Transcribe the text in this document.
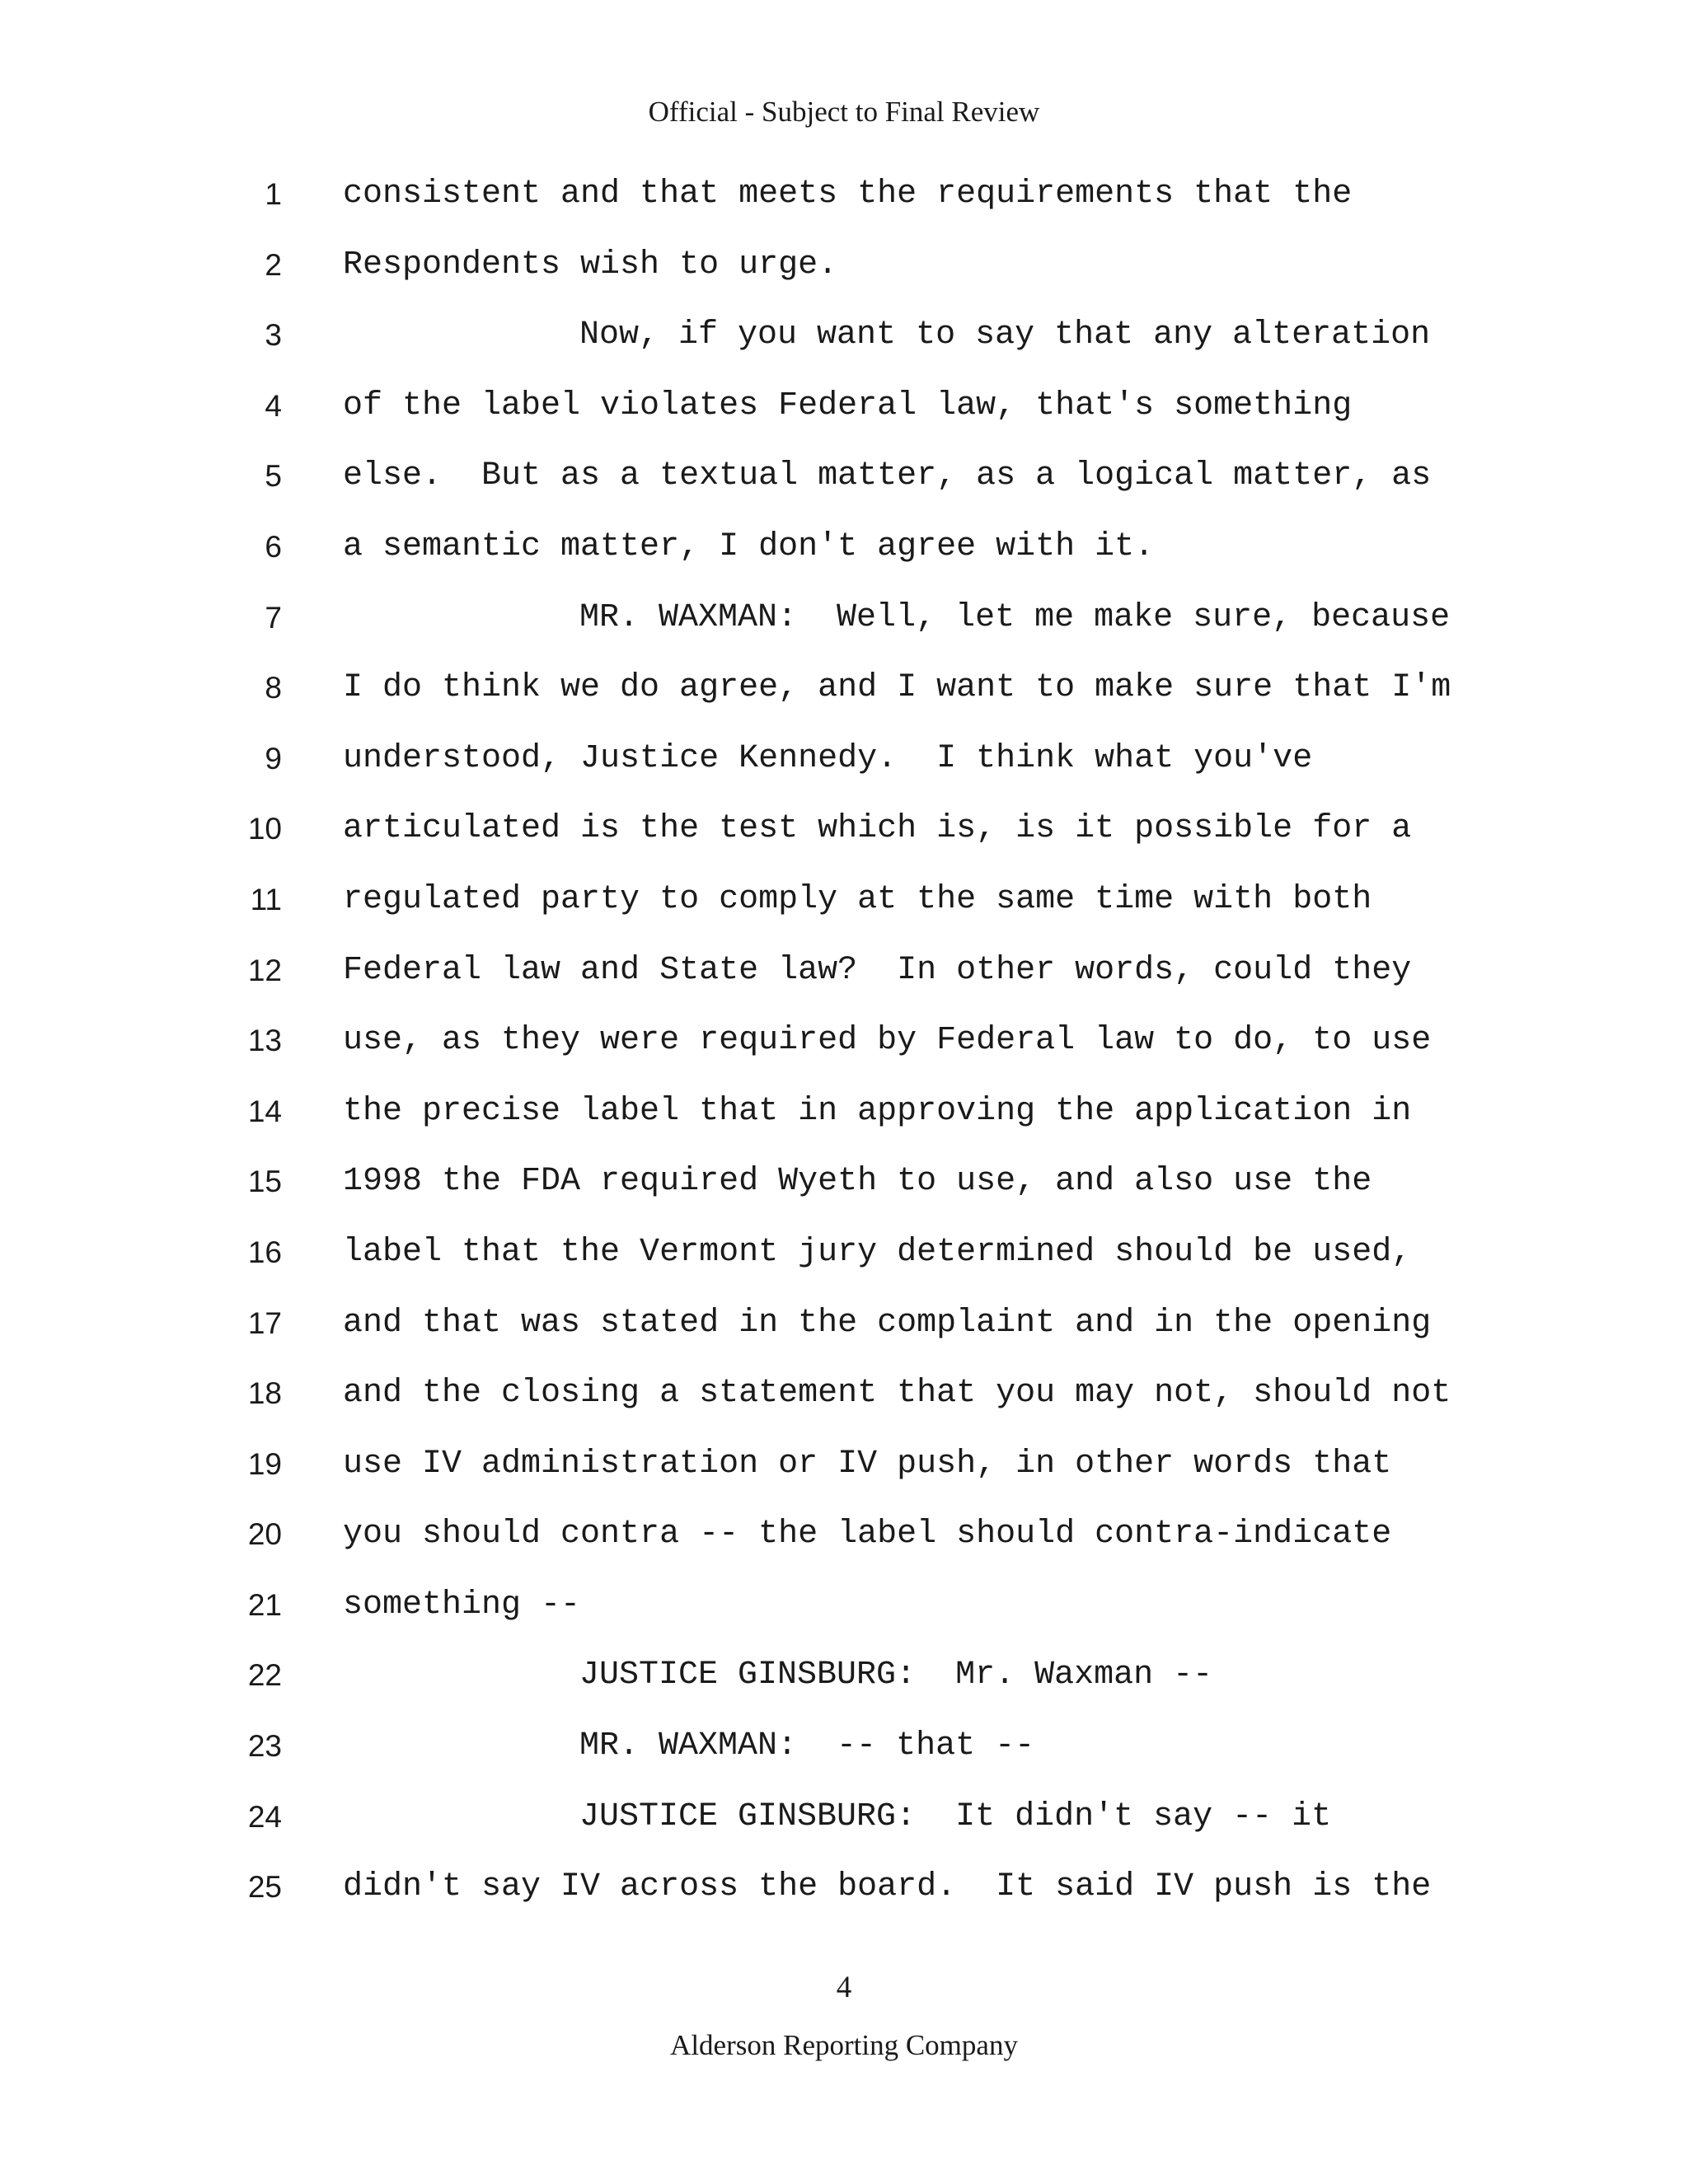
Official - Subject to Final Review
1 consistent and that meets the requirements that the
2 Respondents wish to urge.
3	Now, if you want to say that any alteration
4 of the label violates Federal law, that's something
5 else.  But as a textual matter, as a logical matter, as
6 a semantic matter, I don't agree with it.
7	MR. WAXMAN:  Well, let me make sure, because
8 I do think we do agree, and I want to make sure that I'm
9 understood, Justice Kennedy.  I think what you've
10 articulated is the test which is, is it possible for a
11 regulated party to comply at the same time with both
12 Federal law and State law?  In other words, could they
13 use, as they were required by Federal law to do, to use
14 the precise label that in approving the application in
15 1998 the FDA required Wyeth to use, and also use the
16 label that the Vermont jury determined should be used,
17 and that was stated in the complaint and in the opening
18 and the closing a statement that you may not, should not
19 use IV administration or IV push, in other words that
20 you should contra -- the label should contra-indicate
21 something --
22	JUSTICE GINSBURG:  Mr. Waxman --
23	MR. WAXMAN:  -- that --
24	JUSTICE GINSBURG:  It didn't say -- it
25 didn't say IV across the board.  It said IV push is the
4
Alderson Reporting Company
